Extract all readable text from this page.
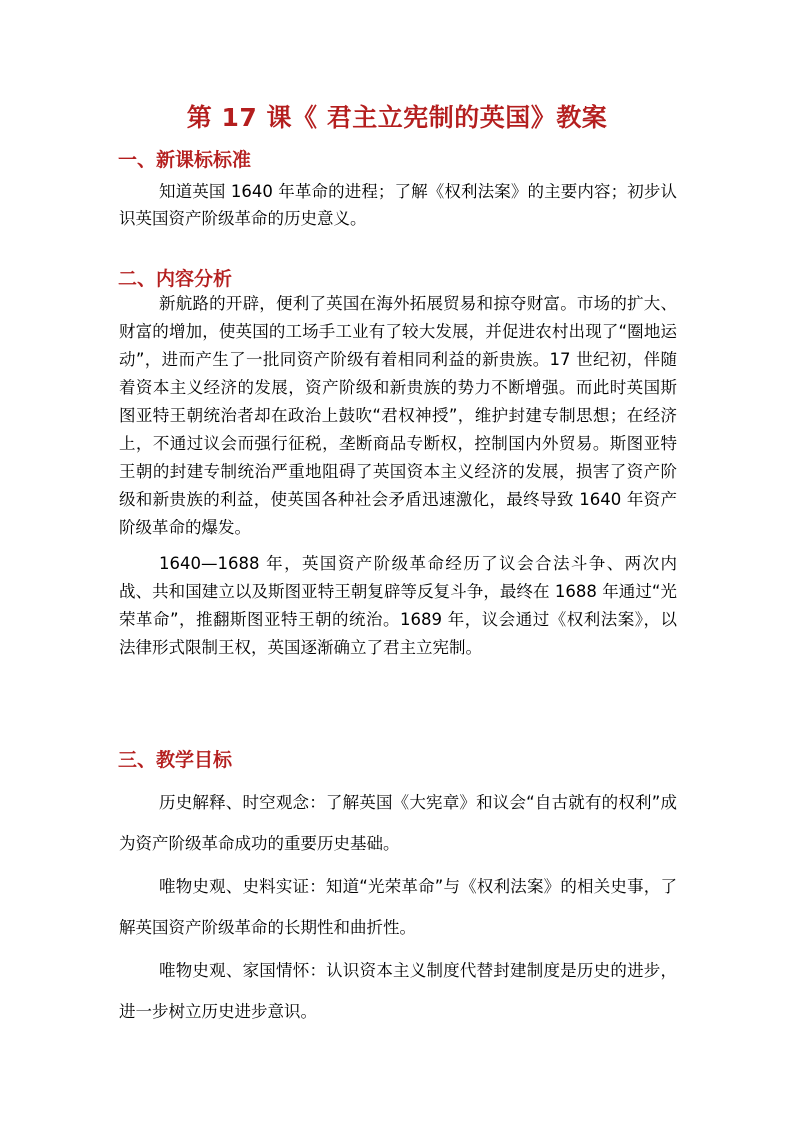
第 17 课《 君主立宪制的英国》教案
一、新课标标准
知道英国 1640 年革命的进程；了解《权利法案》的主要内容；初步认识英国资产阶级革命的历史意义。
二、内容分析
新航路的开辟，便利了英国在海外拓展贸易和掠夺财富。市场的扩大、财富的增加，使英国的工场手工业有了较大发展，并促进农村出现了“圈地运动”，进而产生了一批同资产阶级有着相同利益的新贵族。17 世纪初，伴随着资本主义经济的发展，资产阶级和新贵族的势力不断增强。而此时英国斯图亚特王朝统治者却在政治上鼓吹“君权神授”，维护封建专制思想；在经济上，不通过议会而强行征税，垄断商品专断权，控制国内外贸易。斯图亚特王朝的封建专制统治严重地阻碍了英国资本主义经济的发展，损害了资产阶级和新贵族的利益，使英国各种社会矛盾迅速激化，最终导致 1640 年资产阶级革命的爆发。
1640—1688 年，英国资产阶级革命经历了议会合法斗争、两次内战、共和国建立以及斯图亚特王朝复辟等反复斗争，最终在 1688 年通过“光荣革命”，推翻斯图亚特王朝的统治。1689 年，议会通过《权利法案》，以法律形式限制王权，英国逐渐确立了君主立宪制。
三、教学目标
历史解释、时空观念：了解英国《大宪章》和议会“自古就有的权利”成为资产阶级革命成功的重要历史基础。
唯物史观、史料实证：知道“光荣革命”与《权利法案》的相关史事，了解英国资产阶级革命的长期性和曲折性。
唯物史观、家国情怀：认识资本主义制度代替封建制度是历史的进步，进一步树立历史进步意识。
